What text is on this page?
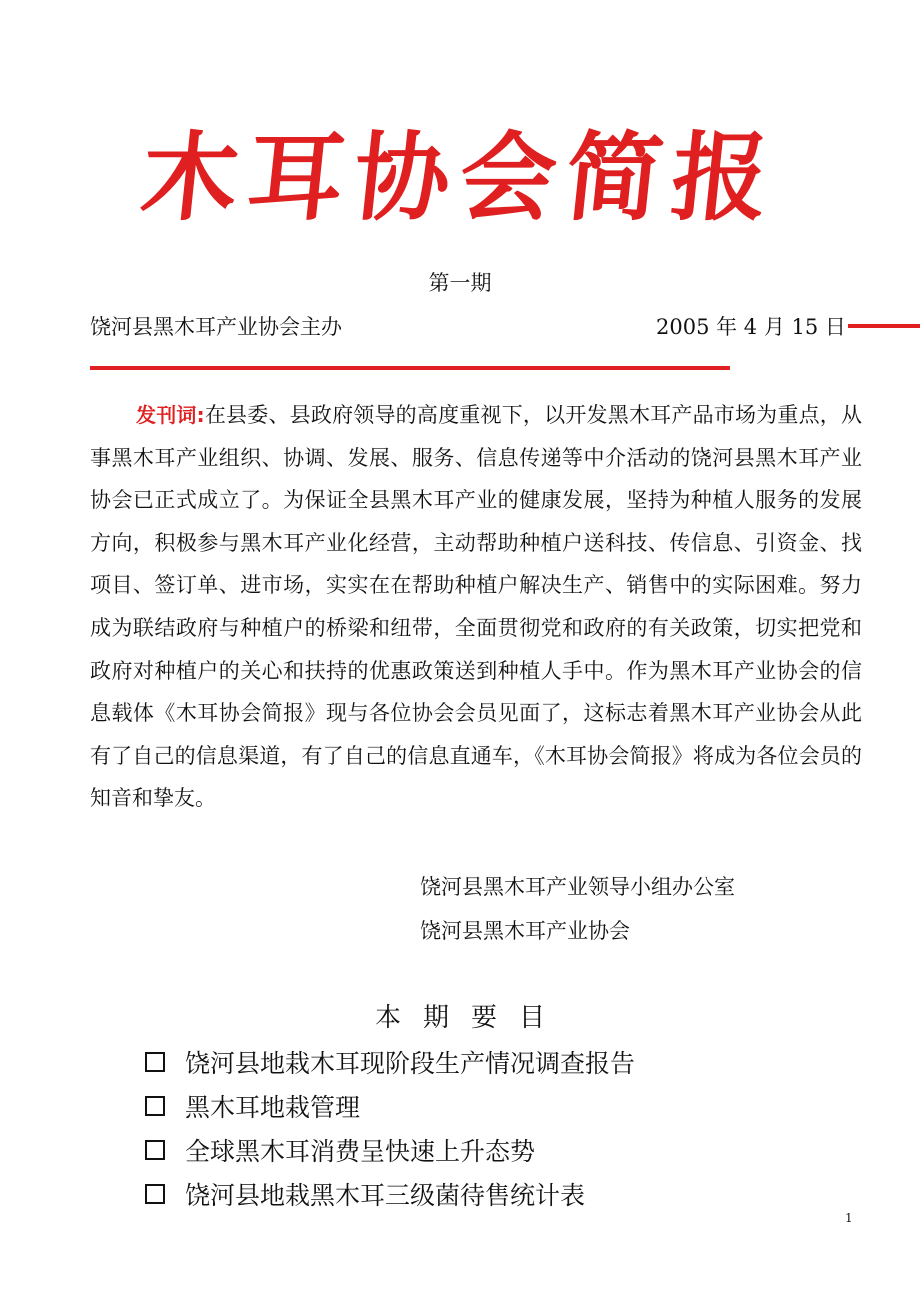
木耳协会简报
第一期
饶河县黑木耳产业协会主办	2005 年 4 月 15 日

发刊词:在县委、县政府领导的高度重视下，以开发黑木耳产品市场为重点，从事黑木耳产业组织、协调、发展、服务、信息传递等中介活动的饶河县黑木耳产业协会已正式成立了。为保证全县黑木耳产业的健康发展，坚持为种植人服务的发展方向，积极参与黑木耳产业化经营，主动帮助种植户送科技、传信息、引资金、找项目、签订单、进市场，实实在在帮助种植户解决生产、销售中的实际困难。努力成为联结政府与种植户的桥梁和纽带，全面贯彻党和政府的有关政策，切实把党和政府对种植户的关心和扶持的优惠政策送到种植人手中。作为黑木耳产业协会的信息载体《木耳协会简报》现与各位协会会员见面了，这标志着黑木耳产业协会从此有了自己的信息渠道，有了自己的信息直通车，《木耳协会简报》将成为各位会员的知音和挚友。

饶河县黑木耳产业领导小组办公室
饶河县黑木耳产业协会
本期要目
饶河县地栽木耳现阶段生产情况调查报告
黑木耳地栽管理
全球黑木耳消费呈快速上升态势
饶河县地栽黑木耳三级菌待售统计表
1
